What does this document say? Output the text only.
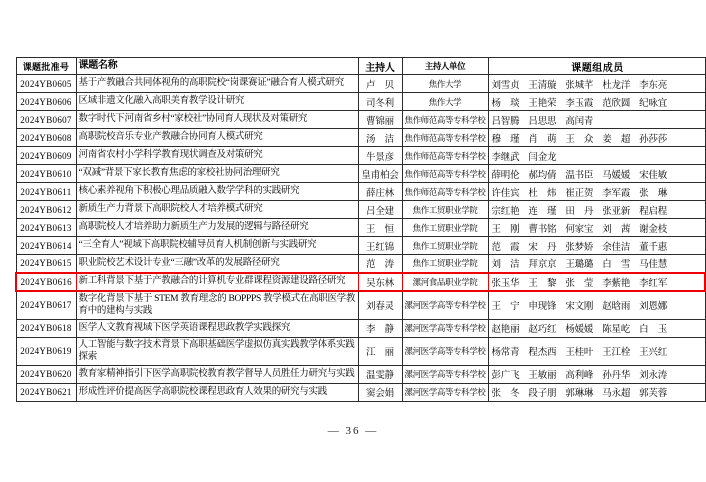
课题批准号	课题名称	主持人	主持人单位	课题组成员
2024YB0605	基于产教融合共同体视角的高职院校“岗课赛证”融合育人模式研究	卢　贝	焦作大学	刘雪贞 王清璇 张城芊 杜龙洋 李东亮

2024YB0606	区域非遗文化融入高职美育教学设计研究	司冬利	焦作大学	杨　琰 王艳荣 李玉霞 范欣圆 纪咏宜

2024YB0607	数字时代下河南省乡村“家校社”协同育人现状及对策研究	曹锦丽	焦作师范高等专科学校	吕智腾 吕思思 高闰青

2024YB0608	高职院校音乐专业产教融合协同育人模式研究	汤　洁	焦作师范高等专科学校	穆　瑾 肖　萌 王　众 姜　超 孙莎莎

2024YB0609	河南省农村小学科学教育现状调查及对策研究	牛景彦	焦作师范高等专科学校	李继武 闫金龙

2024YB0610	“双减”背景下家长教育焦虑的家校社协同治理研究	皇甫柏会	焦作师范高等专科学校	薛明伦 郝均倩 温书臣 马媛媛 宋佳敏

2024YB0611	核心素养视角下积极心理品质融入数学学科的实践研究	薛庄林	焦作师范高等专科学校	许佳宾 杜　炜 崔正贺 李军霞 张　琳

2024YB0612	新质生产力背景下高职院校人才培养模式研究	吕全建	焦作工贸职业学院	宗红艳 连　瑾 田　丹 张亚新 程启程

2024YB0613	高职院校人才培养助力新质生产力发展的逻辑与路径研究	王　恒	焦作工贸职业学院	王　刚 曹书铭 何家宝 刘　茜 谢金枝

2024YB0614	“三全育人”视域下高职院校辅导员育人机制创新与实践研究	王红锦	焦作工贸职业学院	范　霞 宋　丹 张梦娇 余佳洁 董千惠

2024YB0615	职业院校艺术设计专业“三融”改革的发展路径研究	范　涛	焦作工贸职业学院	刘　洁 拜京京 王璐璐 白　雪 马佳慧

2024YB0616	新工科背景下基于产教融合的计算机专业群课程资源建设路径研究	吴东林	漯河食品职业学院	张玉华 王　黎 张　莹 李紫艳 李红军

2024YB0617	数字化背景下基于 STEM 教育理念的 BOPPPS 教学模式在高职医学教育中的建构与实践	刘春灵	漯河医学高等专科学校	王　宁 申现锋 宋文刚 赵晗雨 刘恩娜

2024YB0618	医学人文教育视域下医学英语课程思政教学实践探究	李　静	漯河医学高等专科学校	赵艳丽 赵巧红 杨媛媛 陈星屹 白　玉

2024YB0619	人工智能与数字技术背景下高职基础医学虚拟仿真实践教学体系实践探索	江　丽	漯河医学高等专科学校	杨常青 程杰西 王桂叶 王江栓 王兴红

2024YB0620	教育家精神指引下医学高职院校教育教学督导人员胜任力研究与实践	温雯静	漯河医学高等专科学校	彭广飞 王敏丽 高利峰 孙丹华 刘永涛

2024YB0621	形成性评价提高医学高职院校课程思政育人效果的研究与实践	窦会娟	漯河医学高等专科学校	张　冬 段子朋 郭琳琳 马永超 郭芙蓉
— 36 —
